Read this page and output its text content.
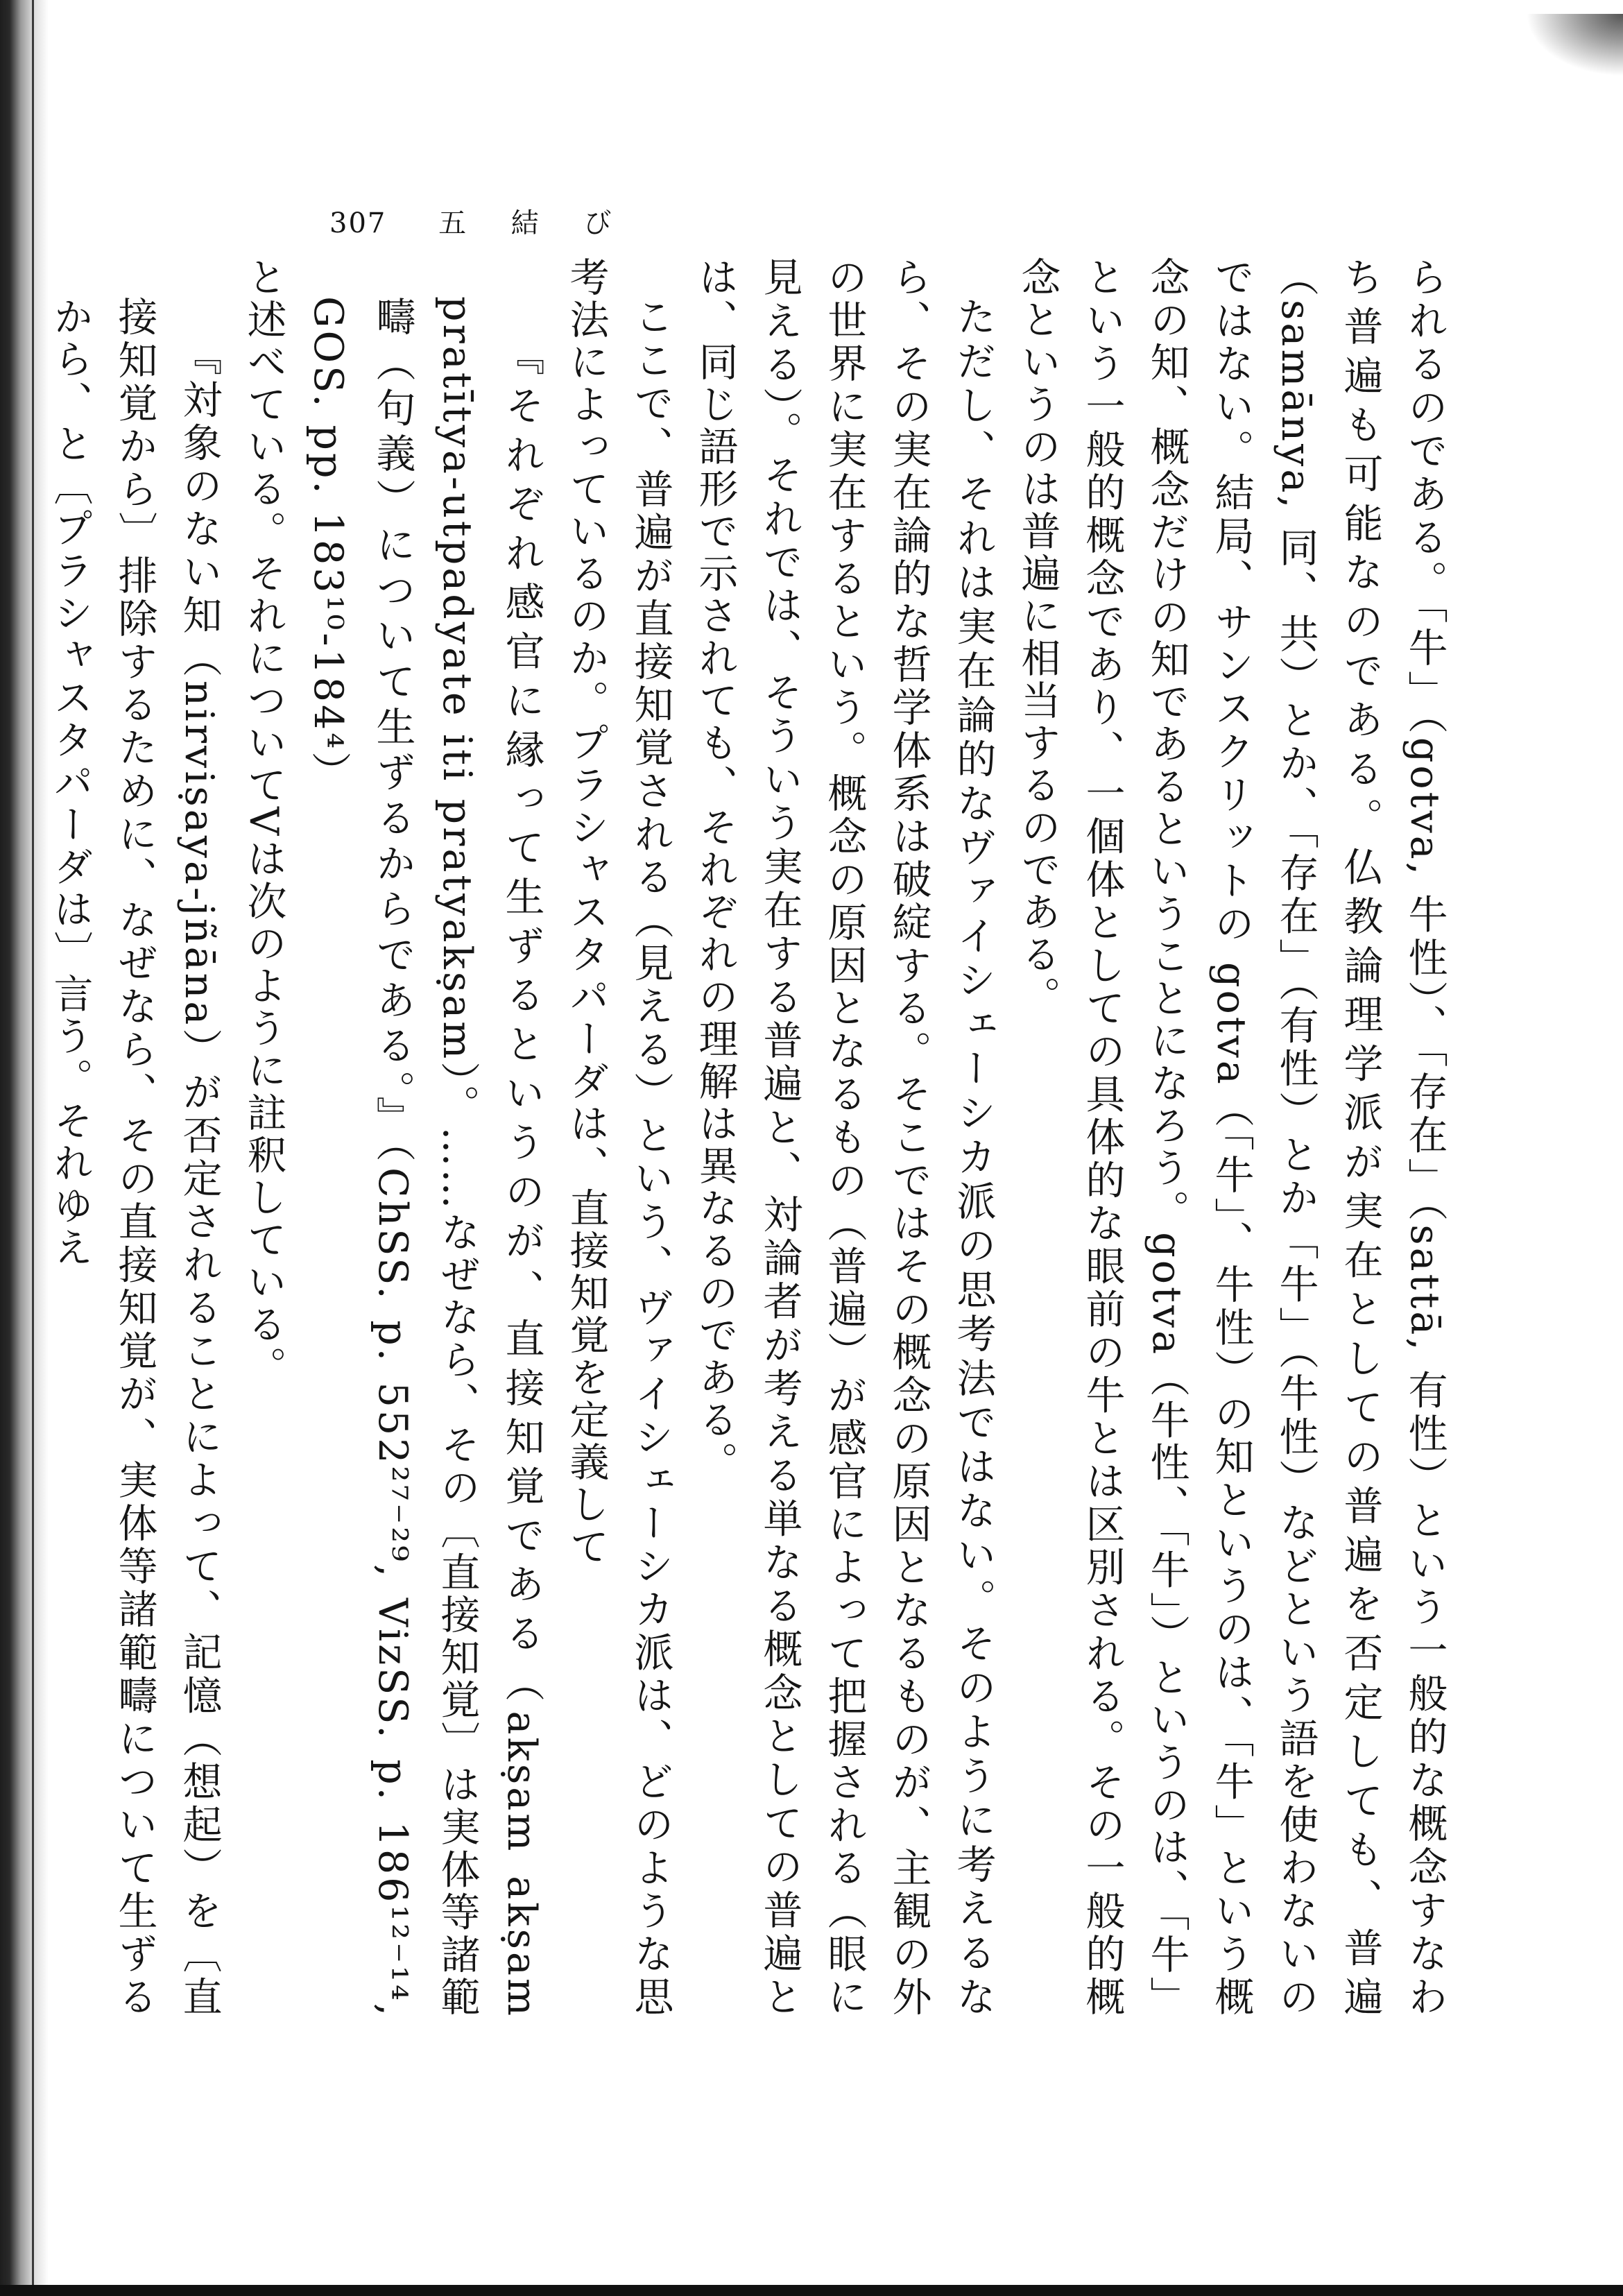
307 五 結 び

られるのである。「牛」（gotva, 牛性）、「存在」（sattā, 有性）という一般的な概念すなわち普遍も可能なのである。仏教論理学派が実在としての普遍を否定しても、普遍（samānya, 同、共）とか、「存在」（有性）とか「牛」（牛性）などという語を使わないのではない。結局、サンスクリットの gotva（「牛」、牛性）の知というのは、「牛」という概念の知、概念だけの知であるということになろう。gotva（牛性、「牛」）というのは、「牛」という一般的概念であり、一個体としての具体的な眼前の牛とは区別される。その一般的概念というのは普遍に相当するのである。

ただし、それは実在論的なヴァイシェーシカ派の思考法ではない。そのように考えるなら、その実在論的な哲学体系は破綻する。そこではその概念の原因となるものが、主観の外の世界に実在するという。概念の原因となるもの（普遍）が感官によって把握される（眼に見える）。それでは、そういう実在する普遍と、対論者が考える単なる概念としての普遍とは、同じ語形で示されても、それぞれの理解は異なるのである。

ここで、普遍が直接知覚される（見える）という、ヴァイシェーシカ派は、どのような思考法によっているのか。プラシャスタパーダは、直接知覚を定義して

『それぞれ感官に縁って生ずるというのが、直接知覚である（akṣam akṣam pratītya-utpadyate iti pratyakṣam）。……なぜなら、その〔直接知覚〕は実体等諸範疇（句義）について生ずるからである。』（ChSS. p. 552²⁷⁻²⁹, VizSS. p. 186¹²⁻¹⁴, GOS. pp. 183¹⁰-184⁴）

と述べている。それについてVは次のように註釈している。

『対象のない知（nirviṣaya-jñāna）が否定されることによって、記憶（想起）を〔直接知覚から〕排除するために、なぜなら、その直接知覚が、実体等諸範疇について生ずるから、と〔プラシャスタパーダは〕言う。それゆえ
